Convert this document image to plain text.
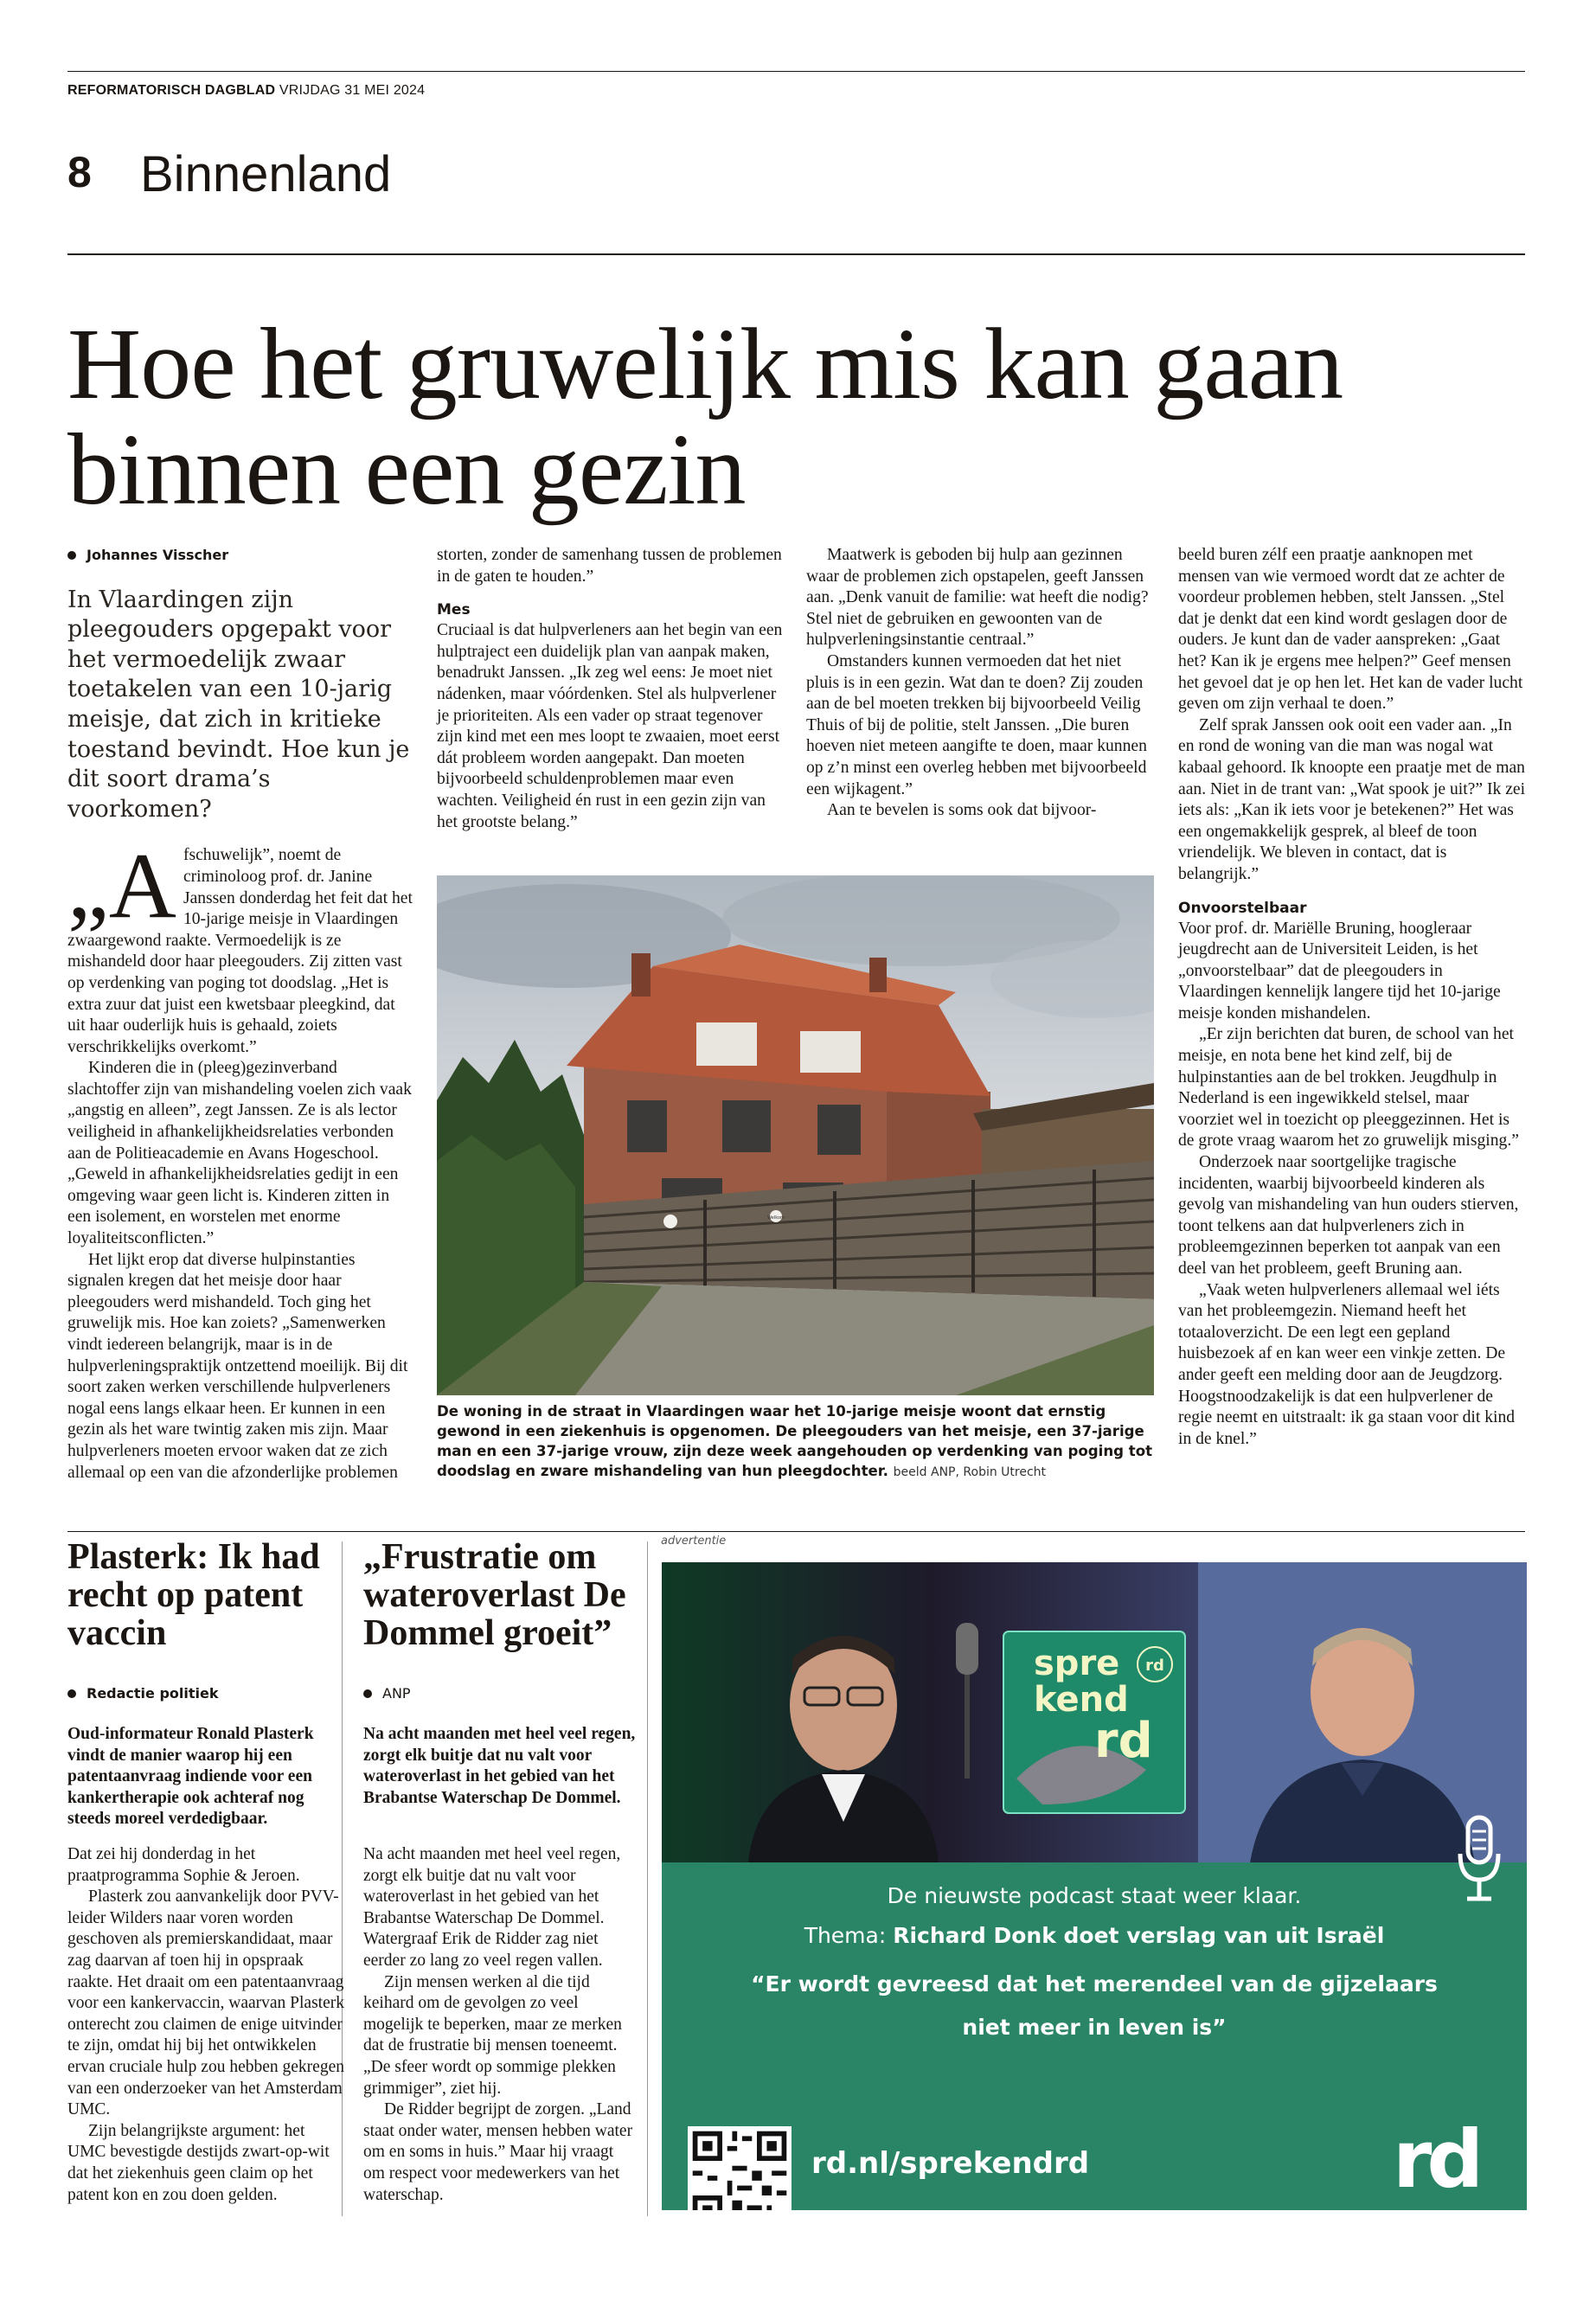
REFORMATORISCH DAGBLAD VRIJDAG 31 MEI 2024
8 Binnenland
Hoe het gruwelijk mis kan gaan binnen een gezin
Johannes Visscher
In Vlaardingen zijn pleegouders opgepakt voor het vermoedelijk zwaar toetakelen van een 10-jarig meisje, dat zich in kritieke toestand bevindt. Hoe kun je dit soort drama’s voorkomen?
„A fschuwelijk”, noemt de criminoloog prof. dr. Janine Janssen donderdag het feit dat het 10-jarige meisje in Vlaardingen zwaargewond raakte. Vermoedelijk is ze mishandeld door haar pleegouders. Zij zitten vast op verdenking van poging tot doodslag. „Het is extra zuur dat juist een kwetsbaar pleegkind, dat uit haar ouderlijk huis is gehaald, zoiets verschrikkelijks overkomt.”

Kinderen die in (pleeg)gezinverband slachtoffer zijn van mishandeling voelen zich vaak „angstig en alleen”, zegt Janssen. Ze is als lector veiligheid in afhankelijkheidsrelaties verbonden aan de Politieacademie en Avans Hogeschool. „Geweld in afhankelijkheidsrelaties gedijt in een omgeving waar geen licht is. Kinderen zitten in een isolement, en worstelen met enorme loyaliteitsconflicten.”

Het lijkt erop dat diverse hulpinstanties signalen kregen dat het meisje door haar pleegouders werd mishandeld. Toch ging het gruwelijk mis. Hoe kan zoiets? „Samenwerken vindt iedereen belangrijk, maar is in de hulpverleningspraktijk ontzettend moeilijk. Bij dit soort zaken werken verschillende hulpverleners nogal eens langs elkaar heen. Er kunnen in een gezin als het ware twintig zaken mis zijn. Maar hulpverleners moeten ervoor waken dat ze zich allemaal op een van die afzonderlijke problemen

storten, zonder de samenhang tussen de problemen in de gaten te houden.”

Mes

Cruciaal is dat hulpverleners aan het begin van een hulptraject een duidelijk plan van aanpak maken, benadrukt Janssen. „Ik zeg wel eens: Je moet niet nádenken, maar vóórdenken. Stel als hulpverlener je prioriteiten. Als een vader op straat tegenover zijn kind met een mes loopt te zwaaien, moet eerst dát probleem worden aangepakt. Dan moeten bijvoorbeeld schuldenproblemen maar even wachten. Veiligheid én rust in een gezin zijn van het grootste belang.”

Maatwerk is geboden bij hulp aan gezinnen waar de problemen zich opstapelen, geeft Janssen aan. „Denk vanuit de familie: wat heeft die nodig? Stel niet de gebruiken en gewoonten van de hulpverleningsinstantie centraal.”

Omstanders kunnen vermoeden dat het niet pluis is in een gezin. Wat dan te doen? Zij zouden aan de bel moeten trekken bij bijvoorbeeld Veilig Thuis of bij de politie, stelt Janssen. „Die buren hoeven niet meteen aangifte te doen, maar kunnen op z’n minst een overleg hebben met bijvoorbeeld een wijkagent.”

Aan te bevelen is soms ook dat bijvoor-

beeld buren zélf een praatje aanknopen met mensen van wie vermoed wordt dat ze achter de voordeur problemen hebben, stelt Janssen. „Stel dat je denkt dat een kind wordt geslagen door de ouders. Je kunt dan de vader aanspreken: „Gaat het? Kan ik je ergens mee helpen?” Geef mensen het gevoel dat je op hen let. Het kan de vader lucht geven om zijn verhaal te doen.”

Zelf sprak Janssen ook ooit een vader aan. „In en rond de woning van die man was nogal wat kabaal gehoord. Ik knoopte een praatje met de man aan. Niet in de trant van: „Wat spook je uit?” Ik zei iets als: „Kan ik iets voor je betekenen?” Het was een ongemakkelijk gesprek, al bleef de toon vriendelijk. We bleven in contact, dat is belangrijk.”

Onvoorstelbaar

Voor prof. dr. Mariëlle Bruning, hoogleraar jeugdrecht aan de Universiteit Leiden, is het „onvoorstelbaar” dat de pleegouders in Vlaardingen kennelijk langere tijd het 10-jarige meisje konden mishandelen.

„Er zijn berichten dat buren, de school van het meisje, en nota bene het kind zelf, bij de hulpinstanties aan de bel trokken. Jeugdhulp in Nederland is een ingewikkeld stelsel, maar voorziet wel in toezicht op pleeggezinnen. Het is de grote vraag waarom het zo gruwelijk misging.”

Onderzoek naar soortgelijke tragische incidenten, waarbij bijvoorbeeld kinderen als gevolg van mishandeling van hun ouders stierven, toont telkens aan dat hulpverleners zich in probleemgezinnen beperken tot aanpak van een deel van het probleem, geeft Bruning aan.

„Vaak weten hulpverleners allemaal wel iéts van het probleemgezin. Niemand heeft het totaaloverzicht. De een legt een gepland huisbezoek af en kan weer een vinkje zetten. De ander geeft een melding door aan de Jeugdzorg. Hoogstnoodzakelijk is dat een hulpverlener de regie neemt en uitstraalt: ik ga staan voor dit kind in de knel.”

Welkom
De woning in de straat in Vlaardingen waar het 10-jarige meisje woont dat ernstig gewond in een ziekenhuis is opgenomen. De pleegouders van het meisje, een 37-jarige man en een 37-jarige vrouw, zijn deze week aangehouden op verdenking van poging tot doodslag en zware mishandeling van hun pleegdochter. beeld ANP, Robin Utrecht
Plasterk: Ik had recht op patent vaccin
Redactie politiek
Oud-informateur Ronald Plasterk vindt de manier waarop hij een patentaanvraag indiende voor een kankertherapie ook achteraf nog steeds moreel verdedigbaar.

Dat zei hij donderdag in het praatprogramma Sophie & Jeroen.

Plasterk zou aanvankelijk door PVV-leider Wilders naar voren worden geschoven als premierskandidaat, maar zag daarvan af toen hij in opspraak raakte. Het draait om een patentaanvraag voor een kankervaccin, waarvan Plasterk onterecht zou claimen de enige uitvinder te zijn, omdat hij bij het ontwikkelen ervan cruciale hulp zou hebben gekregen van een onderzoeker van het Amsterdam UMC.

Zijn belangrijkste argument: het UMC bevestigde destijds zwart-op-wit dat het ziekenhuis geen claim op het patent kon en zou doen gelden.

„Frustratie om wateroverlast De Dommel groeit”
ANP
Na acht maanden met heel veel regen, zorgt elk buitje dat nu valt voor wateroverlast in het gebied van het Brabantse Waterschap De Dommel.

Na acht maanden met heel veel regen, zorgt elk buitje dat nu valt voor wateroverlast in het gebied van het Brabantse Waterschap De Dommel. Watergraaf Erik de Ridder zag niet eerder zo lang zo veel regen vallen.

Zijn mensen werken al die tijd keihard om de gevolgen zo veel mogelijk te beperken, maar ze merken dat de frustratie bij mensen toeneemt. „De sfeer wordt op sommige plekken grimmiger”, ziet hij.

De Ridder begrijpt de zorgen. „Land staat onder water, mensen hebben water om en soms in huis.” Maar hij vraagt om respect voor medewerkers van het waterschap.

advertentie
spre
kend
rd
rd
De nieuwste podcast staat weer klaar.
Thema: Richard Donk doet verslag van uit Israël
“Er wordt gevreesd dat het merendeel van de gijzelaars
niet meer in leven is”
rd.nl/sprekendrd	rd
